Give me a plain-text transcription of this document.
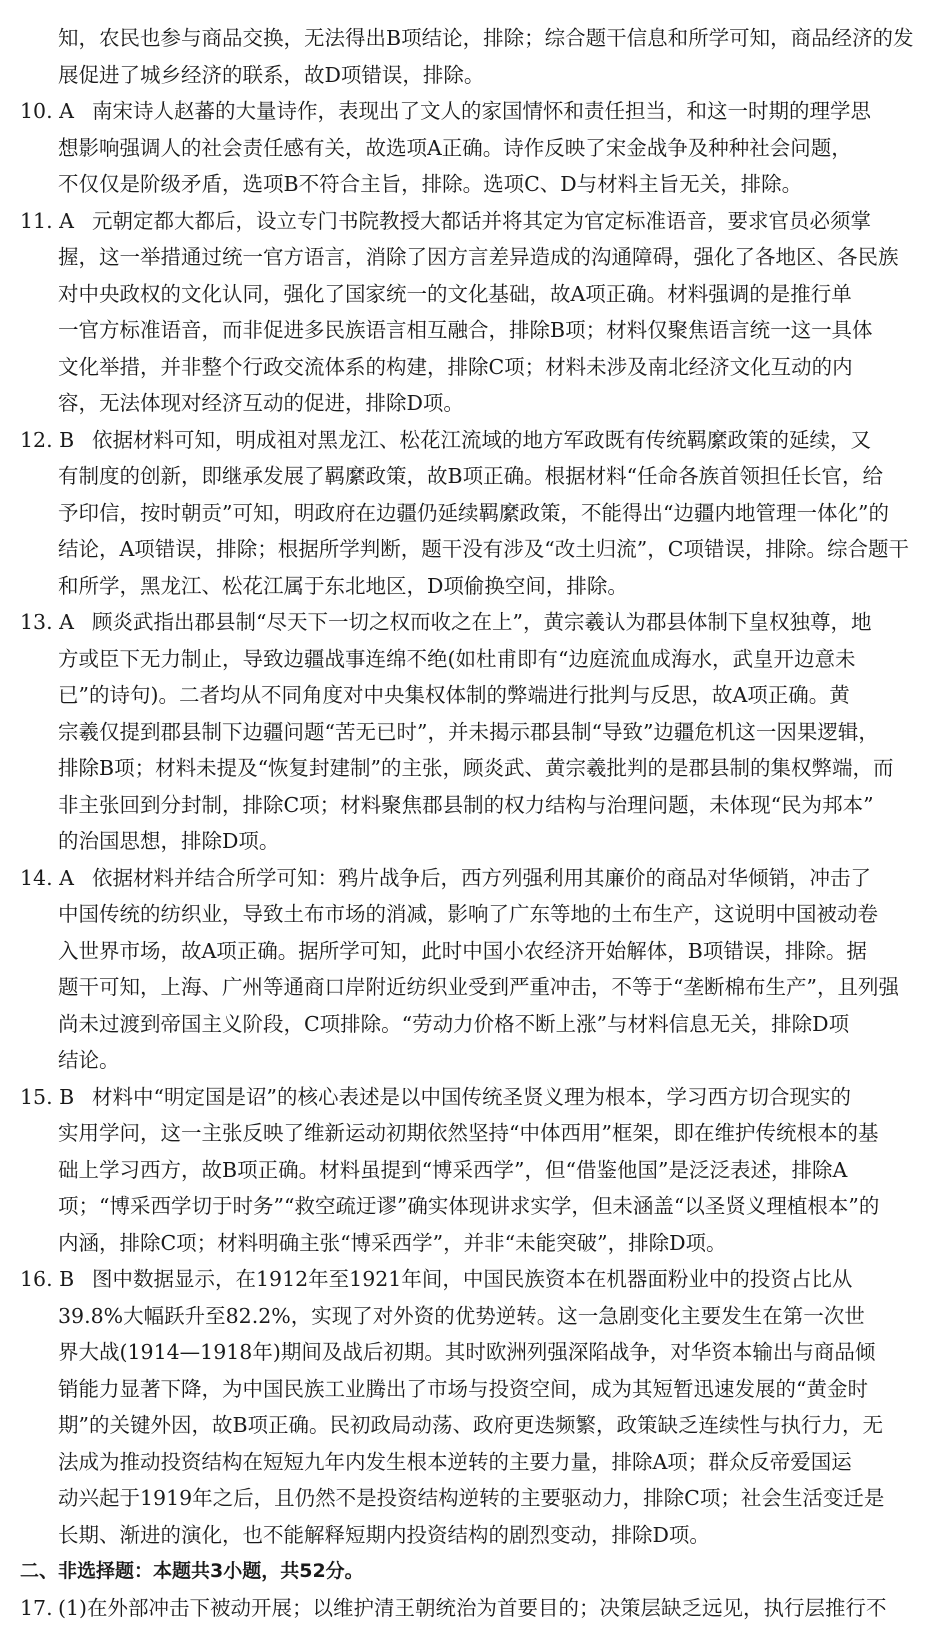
知，农民也参与商品交换，无法得出B项结论，排除；综合题干信息和所学可知，商品经济的发
展促进了城乡经济的联系，故D项错误，排除。
10. A 南宋诗人赵蕃的大量诗作，表现出了文人的家国情怀和责任担当，和这一时期的理学思
想影响强调人的社会责任感有关，故选项A正确。诗作反映了宋金战争及种种社会问题，
不仅仅是阶级矛盾，选项B不符合主旨，排除。选项C、D与材料主旨无关，排除。
11. A 元朝定都大都后，设立专门书院教授大都话并将其定为官定标准语音，要求官员必须掌
握，这一举措通过统一官方语言，消除了因方言差异造成的沟通障碍，强化了各地区、各民族
对中央政权的文化认同，强化了国家统一的文化基础，故A项正确。材料强调的是推行单
一官方标准语音，而非促进多民族语言相互融合，排除B项；材料仅聚焦语言统一这一具体
文化举措，并非整个行政交流体系的构建，排除C项；材料未涉及南北经济文化互动的内
容，无法体现对经济互动的促进，排除D项。
12. B 依据材料可知，明成祖对黑龙江、松花江流域的地方军政既有传统羁縻政策的延续，又
有制度的创新，即继承发展了羁縻政策，故B项正确。根据材料“任命各族首领担任长官，给
予印信，按时朝贡”可知，明政府在边疆仍延续羁縻政策，不能得出“边疆内地管理一体化”的
结论，A项错误，排除；根据所学判断，题干没有涉及“改土归流”，C项错误，排除。综合题干
和所学，黑龙江、松花江属于东北地区，D项偷换空间，排除。
13. A 顾炎武指出郡县制“尽天下一切之权而收之在上”，黄宗羲认为郡县体制下皇权独尊，地
方或臣下无力制止，导致边疆战事连绵不绝(如杜甫即有“边庭流血成海水，武皇开边意未
已”的诗句)。二者均从不同角度对中央集权体制的弊端进行批判与反思，故A项正确。黄
宗羲仅提到郡县制下边疆问题“苦无已时”，并未揭示郡县制“导致”边疆危机这一因果逻辑，
排除B项；材料未提及“恢复封建制”的主张，顾炎武、黄宗羲批判的是郡县制的集权弊端，而
非主张回到分封制，排除C项；材料聚焦郡县制的权力结构与治理问题，未体现“民为邦本”
的治国思想，排除D项。
14. A 依据材料并结合所学可知：鸦片战争后，西方列强利用其廉价的商品对华倾销，冲击了
中国传统的纺织业，导致土布市场的消减，影响了广东等地的土布生产，这说明中国被动卷
入世界市场，故A项正确。据所学可知，此时中国小农经济开始解体，B项错误，排除。据
题干可知，上海、广州等通商口岸附近纺织业受到严重冲击，不等于“垄断棉布生产”，且列强
尚未过渡到帝国主义阶段，C项排除。“劳动力价格不断上涨”与材料信息无关，排除D项
结论。
15. B 材料中“明定国是诏”的核心表述是以中国传统圣贤义理为根本，学习西方切合现实的
实用学问，这一主张反映了维新运动初期依然坚持“中体西用”框架，即在维护传统根本的基
础上学习西方，故B项正确。材料虽提到“博采西学”，但“借鉴他国”是泛泛表述，排除A
项；“博采西学切于时务”“救空疏迂谬”确实体现讲求实学，但未涵盖“以圣贤义理植根本”的
内涵，排除C项；材料明确主张“博采西学”，并非“未能突破”，排除D项。
16. B 图中数据显示，在1912年至1921年间，中国民族资本在机器面粉业中的投资占比从
39.8%大幅跃升至82.2%，实现了对外资的优势逆转。这一急剧变化主要发生在第一次世
界大战(1914—1918年)期间及战后初期。其时欧洲列强深陷战争，对华资本输出与商品倾
销能力显著下降，为中国民族工业腾出了市场与投资空间，成为其短暂迅速发展的“黄金时
期”的关键外因，故B项正确。民初政局动荡、政府更迭频繁，政策缺乏连续性与执行力，无
法成为推动投资结构在短短九年内发生根本逆转的主要力量，排除A项；群众反帝爱国运
动兴起于1919年之后，且仍然不是投资结构逆转的主要驱动力，排除C项；社会生活变迁是
长期、渐进的演化，也不能解释短期内投资结构的剧烈变动，排除D项。
二、非选择题：本题共3小题，共52分。
17. (1)在外部冲击下被动开展；以维护清王朝统治为首要目的；决策层缺乏远见，执行层推行不
